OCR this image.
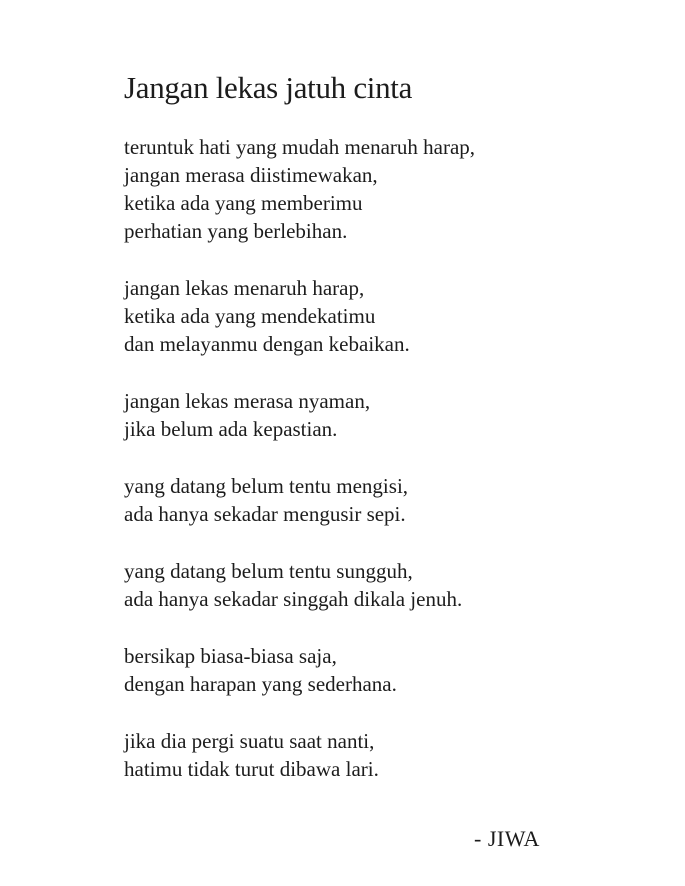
Jangan lekas jatuh cinta

teruntuk hati yang mudah menaruh harap,
jangan merasa diistimewakan,
ketika ada yang memberimu
perhatian yang berlebihan.

jangan lekas menaruh harap,
ketika ada yang mendekatimu
dan melayanmu dengan kebaikan.

jangan lekas merasa nyaman,
jika belum ada kepastian.

yang datang belum tentu mengisi,
ada hanya sekadar mengusir sepi.

yang datang belum tentu sungguh,
ada hanya sekadar singgah dikala jenuh.

bersikap biasa-biasa saja,
dengan harapan yang sederhana.

jika dia pergi suatu saat nanti,
hatimu tidak turut dibawa lari.

- JIWA
